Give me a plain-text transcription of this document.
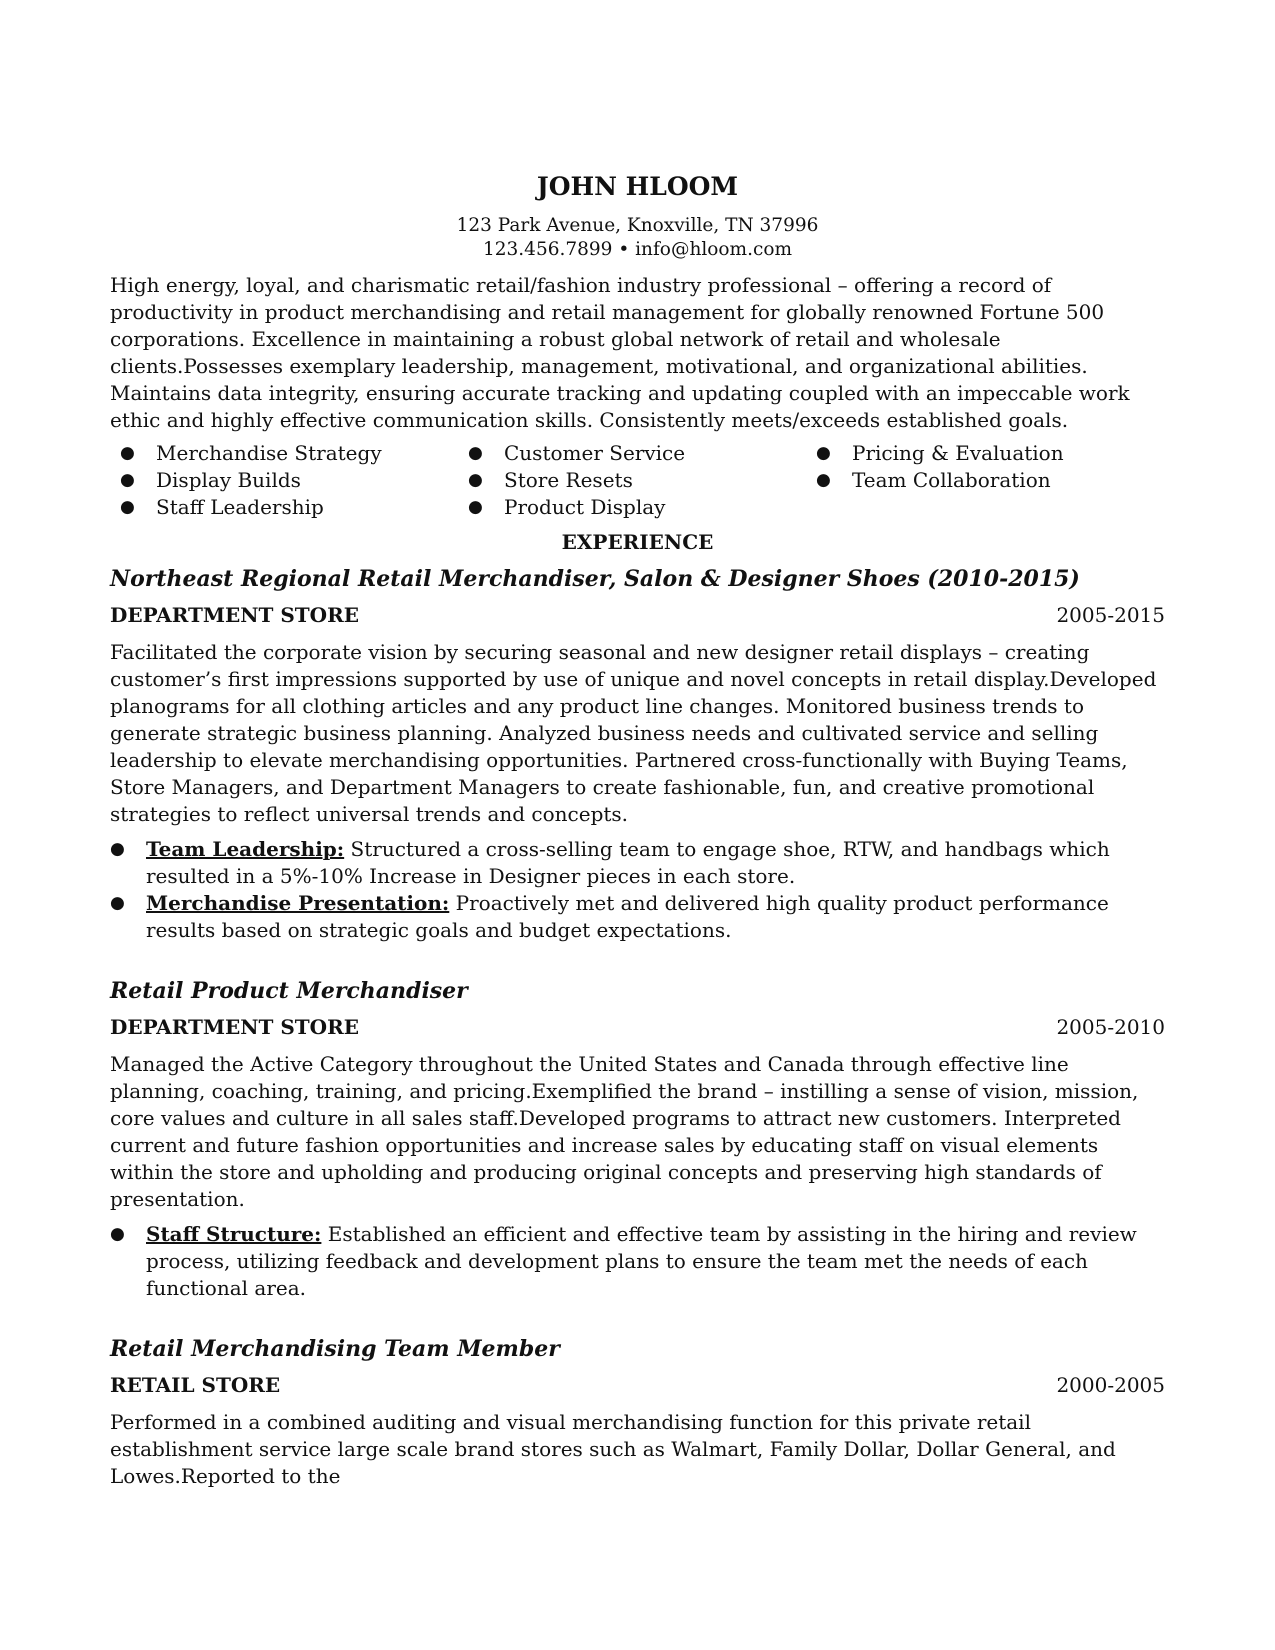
JOHN HLOOM
123 Park Avenue, Knoxville, TN 37996
123.456.7899 • info@hloom.com
High energy, loyal, and charismatic retail/fashion industry professional – offering a record of productivity in product merchandising and retail management for globally renowned Fortune 500 corporations. Excellence in maintaining a robust global network of retail and wholesale clients.Possesses exemplary leadership, management, motivational, and organizational abilities. Maintains data integrity, ensuring accurate tracking and updating coupled with an impeccable work ethic and highly effective communication skills. Consistently meets/exceeds established goals.
● Merchandise Strategy
● Display Builds
● Staff Leadership
● Customer Service
● Store Resets
● Product Display
● Pricing & Evaluation
● Team Collaboration
EXPERIENCE
Northeast Regional Retail Merchandiser, Salon & Designer Shoes (2010-2015)
DEPARTMENT STORE	2005-2015
Facilitated the corporate vision by securing seasonal and new designer retail displays – creating customer’s first impressions supported by use of unique and novel concepts in retail display.Developed planograms for all clothing articles and any product line changes. Monitored business trends to generate strategic business planning. Analyzed business needs and cultivated service and selling leadership to elevate merchandising opportunities. Partnered cross-functionally with Buying Teams, Store Managers, and Department Managers to create fashionable, fun, and creative promotional strategies to reflect universal trends and concepts.
● Team Leadership: Structured a cross-selling team to engage shoe, RTW, and handbags which resulted in a 5%-10% Increase in Designer pieces in each store.
● Merchandise Presentation: Proactively met and delivered high quality product performance results based on strategic goals and budget expectations.
Retail Product Merchandiser
DEPARTMENT STORE	2005-2010
Managed the Active Category throughout the United States and Canada through effective line planning, coaching, training, and pricing.Exemplified the brand – instilling a sense of vision, mission, core values and culture in all sales staff.Developed programs to attract new customers. Interpreted current and future fashion opportunities and increase sales by educating staff on visual elements within the store and upholding and producing original concepts and preserving high standards of presentation.
● Staff Structure: Established an efficient and effective team by assisting in the hiring and review process, utilizing feedback and development plans to ensure the team met the needs of each functional area.
Retail Merchandising Team Member
RETAIL STORE	2000-2005
Performed in a combined auditing and visual merchandising function for this private retail establishment service large scale brand stores such as Walmart, Family Dollar, Dollar General, and Lowes.Reported to the
